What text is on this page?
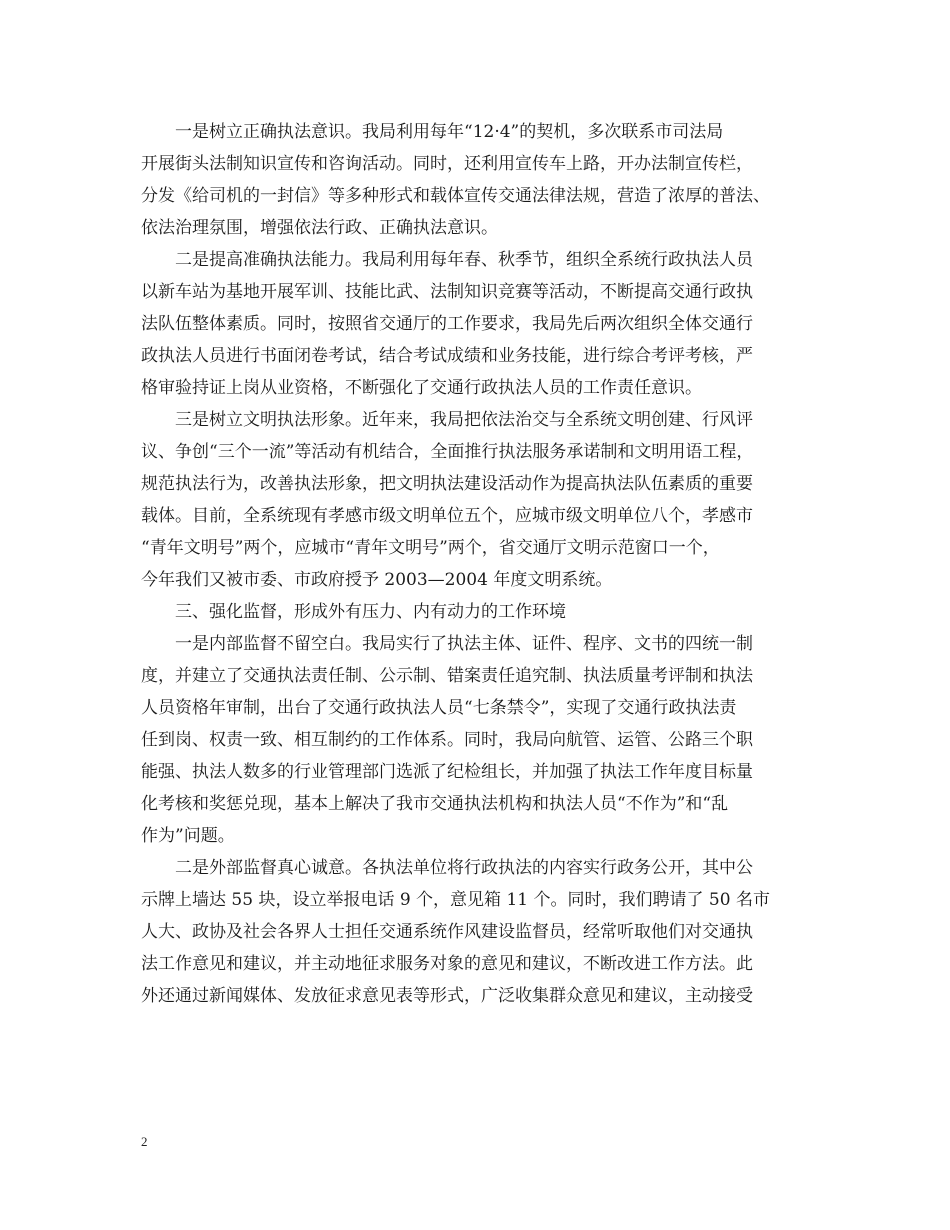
一是树立正确执法意识。我局利用每年“12·4”的契机，多次联系市司法局
开展街头法制知识宣传和咨询活动。同时，还利用宣传车上路，开办法制宣传栏，
分发《给司机的一封信》等多种形式和载体宣传交通法律法规，营造了浓厚的普法、
依法治理氛围，增强依法行政、正确执法意识。

二是提高准确执法能力。我局利用每年春、秋季节，组织全系统行政执法人员
以新车站为基地开展军训、技能比武、法制知识竞赛等活动，不断提高交通行政执
法队伍整体素质。同时，按照省交通厅的工作要求，我局先后两次组织全体交通行
政执法人员进行书面闭卷考试，结合考试成绩和业务技能，进行综合考评考核，严
格审验持证上岗从业资格，不断强化了交通行政执法人员的工作责任意识。

三是树立文明执法形象。近年来，我局把依法治交与全系统文明创建、行风评
议、争创“三个一流”等活动有机结合，全面推行执法服务承诺制和文明用语工程，
规范执法行为，改善执法形象，把文明执法建设活动作为提高执法队伍素质的重要
载体。目前，全系统现有孝感市级文明单位五个，应城市级文明单位八个，孝感市
“青年文明号”两个，应城市“青年文明号”两个，省交通厅文明示范窗口一个，
今年我们又被市委、市政府授予 2003—2004 年度文明系统。

三、强化监督，形成外有压力、内有动力的工作环境

一是内部监督不留空白。我局实行了执法主体、证件、程序、文书的四统一制
度，并建立了交通执法责任制、公示制、错案责任追究制、执法质量考评制和执法
人员资格年审制，出台了交通行政执法人员“七条禁令”，实现了交通行政执法责
任到岗、权责一致、相互制约的工作体系。同时，我局向航管、运管、公路三个职
能强、执法人数多的行业管理部门选派了纪检组长，并加强了执法工作年度目标量
化考核和奖惩兑现，基本上解决了我市交通执法机构和执法人员“不作为”和“乱
作为”问题。

二是外部监督真心诚意。各执法单位将行政执法的内容实行政务公开，其中公
示牌上墙达 55 块，设立举报电话 9 个，意见箱 11 个。同时，我们聘请了 50 名市
人大、政协及社会各界人士担任交通系统作风建设监督员，经常听取他们对交通执
法工作意见和建议，并主动地征求服务对象的意见和建议，不断改进工作方法。此
外还通过新闻媒体、发放征求意见表等形式，广泛收集群众意见和建议，主动接受

2
